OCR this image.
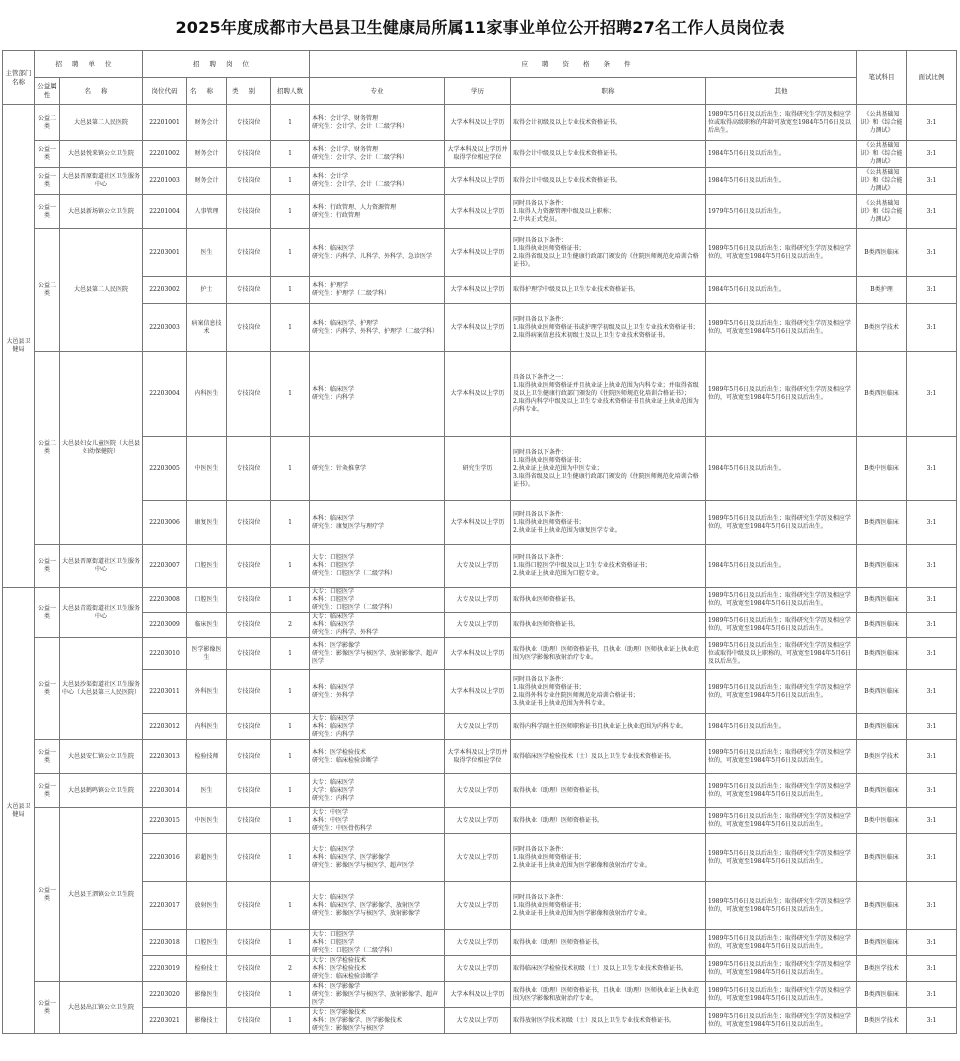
2025年度成都市大邑县卫生健康局所属11家事业单位公开招聘27名工作人员岗位表
主管部门名称	招聘单位		招聘岗位				应聘资格条件				笔试科目	面试比例
	公益属性	名称	岗位代码	名称	类别	招聘人数	专业	学历	职称	其他		
大邑县卫健局	公益二类	大邑县第二人民医院	22201001	财务会计	专技岗位	1	本科：会计学、财务管理
研究生：会计学、会计（二级学科）	大学本科及以上学历	取得会计初级及以上专业技术资格证书。	1989年5月6日及以后出生；取得研究生学历及相应学位或取得高级职称的年龄可放宽至1984年5月6日及以后出生。	《公共基础知识》和《综合能力测试》	3:1
	公益一类	大邑县悦来镇公立卫生院	22201002	财务会计	专技岗位	1	本科：会计学、财务管理
研究生：会计学、会计（二级学科）	大学本科及以上学历并取得学位相应学位	取得会计中级及以上专业技术资格证书。	1984年5月6日及以后出生。	《公共基础知识》和《综合能力测试》	3:1
	公益一类	大邑县晋原街道社区卫生服务中心	22201003	财务会计	专技岗位	1	本科：会计学
研究生：会计学、会计（二级学科）	大学本科及以上学历	取得会计中级及以上专业技术资格证书。	1984年5月6日及以后出生。	《公共基础知识》和《综合能力测试》	3:1
	公益一类	大邑县新场镇公立卫生院	22201004	人事管理	专技岗位	1	本科：行政管理、人力资源管理
研究生：行政管理	大学本科及以上学历	同时具备以下条件：
1.取得人力资源管理中级及以上职称；
2.中共正式党员。	1979年5月6日及以后出生。	《公共基础知识》和《综合能力测试》	3:1
	公益二类	大邑县第二人民医院	22203001	医生	专技岗位	1	本科：临床医学
研究生：内科学、儿科学、外科学、急诊医学	大学本科及以上学历	同时具备以下条件：
1.取得执业医师资格证书；
2.取得省级及以上卫生健康行政部门颁发的《住院医师规范化培训合格证书》。	1989年5月6日及以后出生；取得研究生学历及相应学位的，可放宽至1984年5月6日及以后出生。	B类西医临床	3:1
			22203002	护士	专技岗位	1	本科：护理学
研究生：护理学（二级学科）	大学本科及以上学历	取得护理学中级及以上卫生专业技术资格证书。	1984年5月6日及以后出生。	B类护理	3:1
			22203003	病案信息技术	专技岗位	1	本科：临床医学、护理学
研究生：内科学、外科学、护理学（二级学科）	大学本科及以上学历	同时具备以下条件：
1.取得执业医师资格证书或护理学初级及以上卫生专业技术资格证书；
2.取得病案信息技术初级士及以上卫生专业技术资格证书。	1989年5月6日及以后出生；取得研究生学历及相应学位的，可放宽至1984年5月6日及以后出生。	B类医学技术	3:1
	公益二类	大邑县妇女儿童医院（大邑县妇幼保健院）	22203004	内科医生	专技岗位	1	本科：临床医学
研究生：内科学	大学本科及以上学历	具备以下条件之一：
1.取得执业医师资格证并且执业证上执业范围为内科专业；并取得省级及以上卫生健康行政部门颁发的《住院医师规范化培训合格证书》；
2.取得内科学中级及以上卫生专业技术资格证书且执业证上执业范围为内科专业。	1989年5月6日及以后出生；取得研究生学历及相应学位的，可放宽至1984年5月6日及以后出生。	B类西医临床	3:1
			22203005	中医医生	专技岗位	1	研究生：针灸推拿学	研究生学历	同时具备以下条件：
1.取得执业医师资格证书；
2.执业证上执业范围为中医专业；
3.取得省级及以上卫生健康行政部门颁发的《住院医师规范化培训合格证书》。	1984年5月6日及以后出生。	B类中医临床	3:1
			22203006	康复医生	专技岗位	1	本科：临床医学
研究生：康复医学与理疗学	大学本科及以上学历	同时具备以下条件：
1.取得执业医师资格证书；
2.执业证书上执业范围为康复医学专业。	1989年5月6日及以后出生；取得研究生学历及相应学位的，可放宽至1984年5月6日及以后出生。	B类西医临床	3:1
	公益一类	大邑县晋原街道社区卫生服务中心	22203007	口腔医生	专技岗位	1	大专：口腔医学
本科：口腔医学
研究生：口腔医学（二级学科）	大专及以上学历	同时具备以下条件：
1.取得口腔医学中级及以上卫生专业技术资格证书；
2.执业证上执业范围为口腔专业。	1984年5月6日及以后出生。	B类西医临床	3:1
大邑县卫健局	公益一类	大邑县青霞街道社区卫生服务中心	22203008	口腔医生	专技岗位	1	大专：口腔医学
本科：口腔医学
研究生：口腔医学（二级学科）	大专及以上学历	取得执业医师资格证书。	1989年5月6日及以后出生；取得研究生学历及相应学位的，可放宽至1984年5月6日及以后出生。	B类西医临床	3:1
			22203009	临床医生	专技岗位	2	大专：临床医学
本科：临床医学
研究生：内科学、外科学	大专及以上学历	取得执业医师资格证书。	1989年5月6日及以后出生；取得研究生学历及相应学位的，可放宽至1984年5月6日及以后出生。	B类西医临床	3:1
	公益一类	大邑县沙渠街道社区卫生服务中心（大邑县第三人民医院）	22203010	医学影像医生	专技岗位	1	本科：医学影像学
研究生：影像医学与核医学、放射影像学、超声医学	大学本科及以上学历	取得执业（助理）医师资格证书，且执业（助理）医师执业证上执业范围为医学影像和放射治疗专业。	1989年5月6日及以后出生；取得研究生学历及相应学位或取得中级及以上职称的，可放宽至1984年5月6日及以后出生。	B类西医临床	3:1
			22203011	外科医生	专技岗位	1	本科：临床医学
研究生：外科学	大学本科及以上学历	同时具备以下条件：
1.取得执业医师资格证书；
2.取得外科专业住院医师规范化培训合格证书；
3.执业证书上执业范围为外科专业。	1989年5月6日及以后出生；取得研究生学历及相应学位的，可放宽至1984年5月6日及以后出生。	B类西医临床	3:1
			22203012	内科医生	专技岗位	1	大专：临床医学
本科：临床医学
研究生：内科学	大专及以上学历	取得内科学副主任医师职称证书且执业证上执业范围为内科专业。	1984年5月6日及以后出生。	B类西医临床	3:1
	公益一类	大邑县安仁镇公立卫生院	22203013	检验技师	专技岗位	1	本科：医学检验技术
研究生：临床检验诊断学	大学本科及以上学历并取得学位相应学位	取得临床医学检验技术（士）及以上卫生专业技术资格证书。	1989年5月6日及以后出生；取得研究生学历及相应学位的，可放宽至1984年5月6日及以后出生。	B类医学技术	3:1
	公益一类	大邑县鹤鸣镇公立卫生院	22203014	医生	专技岗位	1	大专：临床医学
大学：临床医学
研究生：内科学	大专及以上学历	取得执业（助理）医师资格证书。	1989年5月6日及以后出生；取得研究生学历及相应学位的，可放宽至1984年5月6日及以后出生。	B类西医临床	3:1
	公益一类	大邑县王泗镇公立卫生院	22203015	中医医生	专技岗位	1	大专：中医学
本科：中医学
研究生：中医骨伤科学	大专及以上学历	取得执业（助理）医师资格证书。	1989年5月6日及以后出生；取得研究生学历及相应学位的，可放宽至1984年5月6日及以后出生。	B类中医临床	3:1
			22203016	彩超医生	专技岗位	1	大专：临床医学
本科：临床医学、医学影像学
研究生：影像医学与核医学、超声医学	大专及以上学历	同时具备以下条件：
1.取得执业医师资格证书；
2.执业证书上执业范围为医学影像和放射治疗专业。	1989年5月6日及以后出生；取得研究生学历及相应学位的，可放宽至1984年5月6日及以后出生。	B类西医临床	3:1
			22203017	放射医生	专技岗位	1	大专：临床医学
本科：临床医学、医学影像学、放射医学
研究生：影像医学与核医学、放射影像学	大专及以上学历	同时具备以下条件：
1.取得执业医师资格证书；
2.执业证书上执业范围为医学影像和放射治疗专业。	1989年5月6日及以后出生；取得研究生学历及相应学位的，可放宽至1984年5月6日及以后出生。	B类西医临床	3:1
			22203018	口腔医生	专技岗位	1	大专：口腔医学
本科：口腔医学
研究生：口腔医学（二级学科）	大专及以上学历	取得执业（助理）医师资格证书。	1989年5月6日及以后出生；取得研究生学历及相应学位的，可放宽至1984年5月6日及以后出生。	B类西医临床	3:1
			22203019	检验技士	专技岗位	2	大专：医学检验技术
本科：医学检验技术
研究生：临床检验诊断学	大专及以上学历	取得临床医学检验技术初级（士）及以上卫生专业技术资格证书。	1989年5月6日及以后出生；取得研究生学历及相应学位的，可放宽至1984年5月6日及以后出生。	B类医学技术	3:1
	公益一类	大邑县出江镇公立卫生院	22203020	影像医生	专技岗位	1	本科：医学影像学
研究生：影像医学与核医学、放射影像学、超声医学	大学本科及以上学历	取得执业（助理）医师资格证书，且执业（助理）医师执业证上执业范围为医学影像和放射治疗专业。	1989年5月6日及以后出生；取得研究生学历及相应学位的，可放宽至1984年5月6日及以后出生。	B类西医临床	3:1
			22203021	影像技士	专技岗位	1	大专：医学影像技术
本科：医学影像学、医学影像技术
研究生：影像医学与核医学	大专及以上学历	取得放射医学技术初级（士）及以上卫生专业技术资格证书。	1989年5月6日及以后出生；取得研究生学历及相应学位的，可放宽至1984年5月6日及以后出生。	B类医学技术	3:1
